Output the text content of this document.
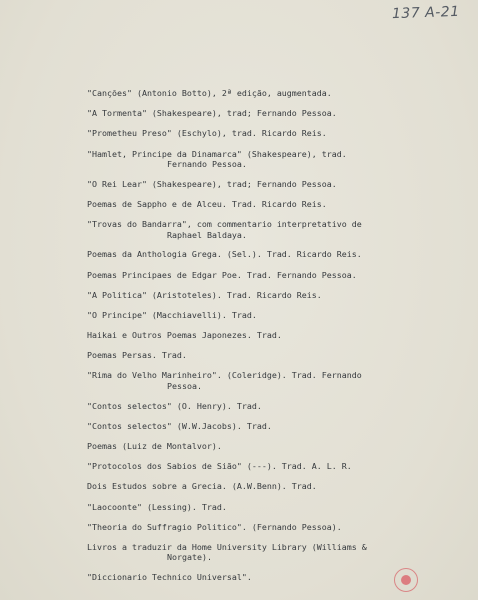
137 A-21
"Canções" (Antonio Botto), 2ª edição, augmentada.
"A Tormenta" (Shakespeare), trad; Fernando Pessoa.
"Prometheu Preso" (Eschylo), trad. Ricardo Reis.
"Hamlet, Principe da Dinamarca" (Shakespeare), trad.
Fernando Pessoa.
"O Rei Lear" (Shakespeare), trad; Fernando Pessoa.
Poemas de Sappho e de Alceu. Trad. Ricardo Reis.
"Trovas do Bandarra", com commentario interpretativo de
Raphael Baldaya.
Poemas da Anthologia Grega. (Sel.). Trad. Ricardo Reis.
Poemas Principaes de Edgar Poe. Trad. Fernando Pessoa.
"A Politica" (Aristoteles). Trad. Ricardo Reis.
"O Principe" (Macchiavelli). Trad.
Haikai e Outros Poemas Japonezes. Trad.
Poemas Persas. Trad.
"Rima do Velho Marinheiro". (Coleridge). Trad. Fernando
Pessoa.
"Contos selectos" (O. Henry). Trad.
"Contos selectos" (W.W.Jacobs). Trad.
Poemas (Luiz de Montalvor).
"Protocolos dos Sabios de Sião" (---). Trad. A. L. R.
Dois Estudos sobre a Grecia. (A.W.Benn). Trad.
"Laocoonte" (Lessing). Trad.
"Theoria do Suffragio Politico". (Fernando Pessoa).
Livros a traduzir da Home University Library (Williams &
Norgate).
"Diccionario Technico Universal".
